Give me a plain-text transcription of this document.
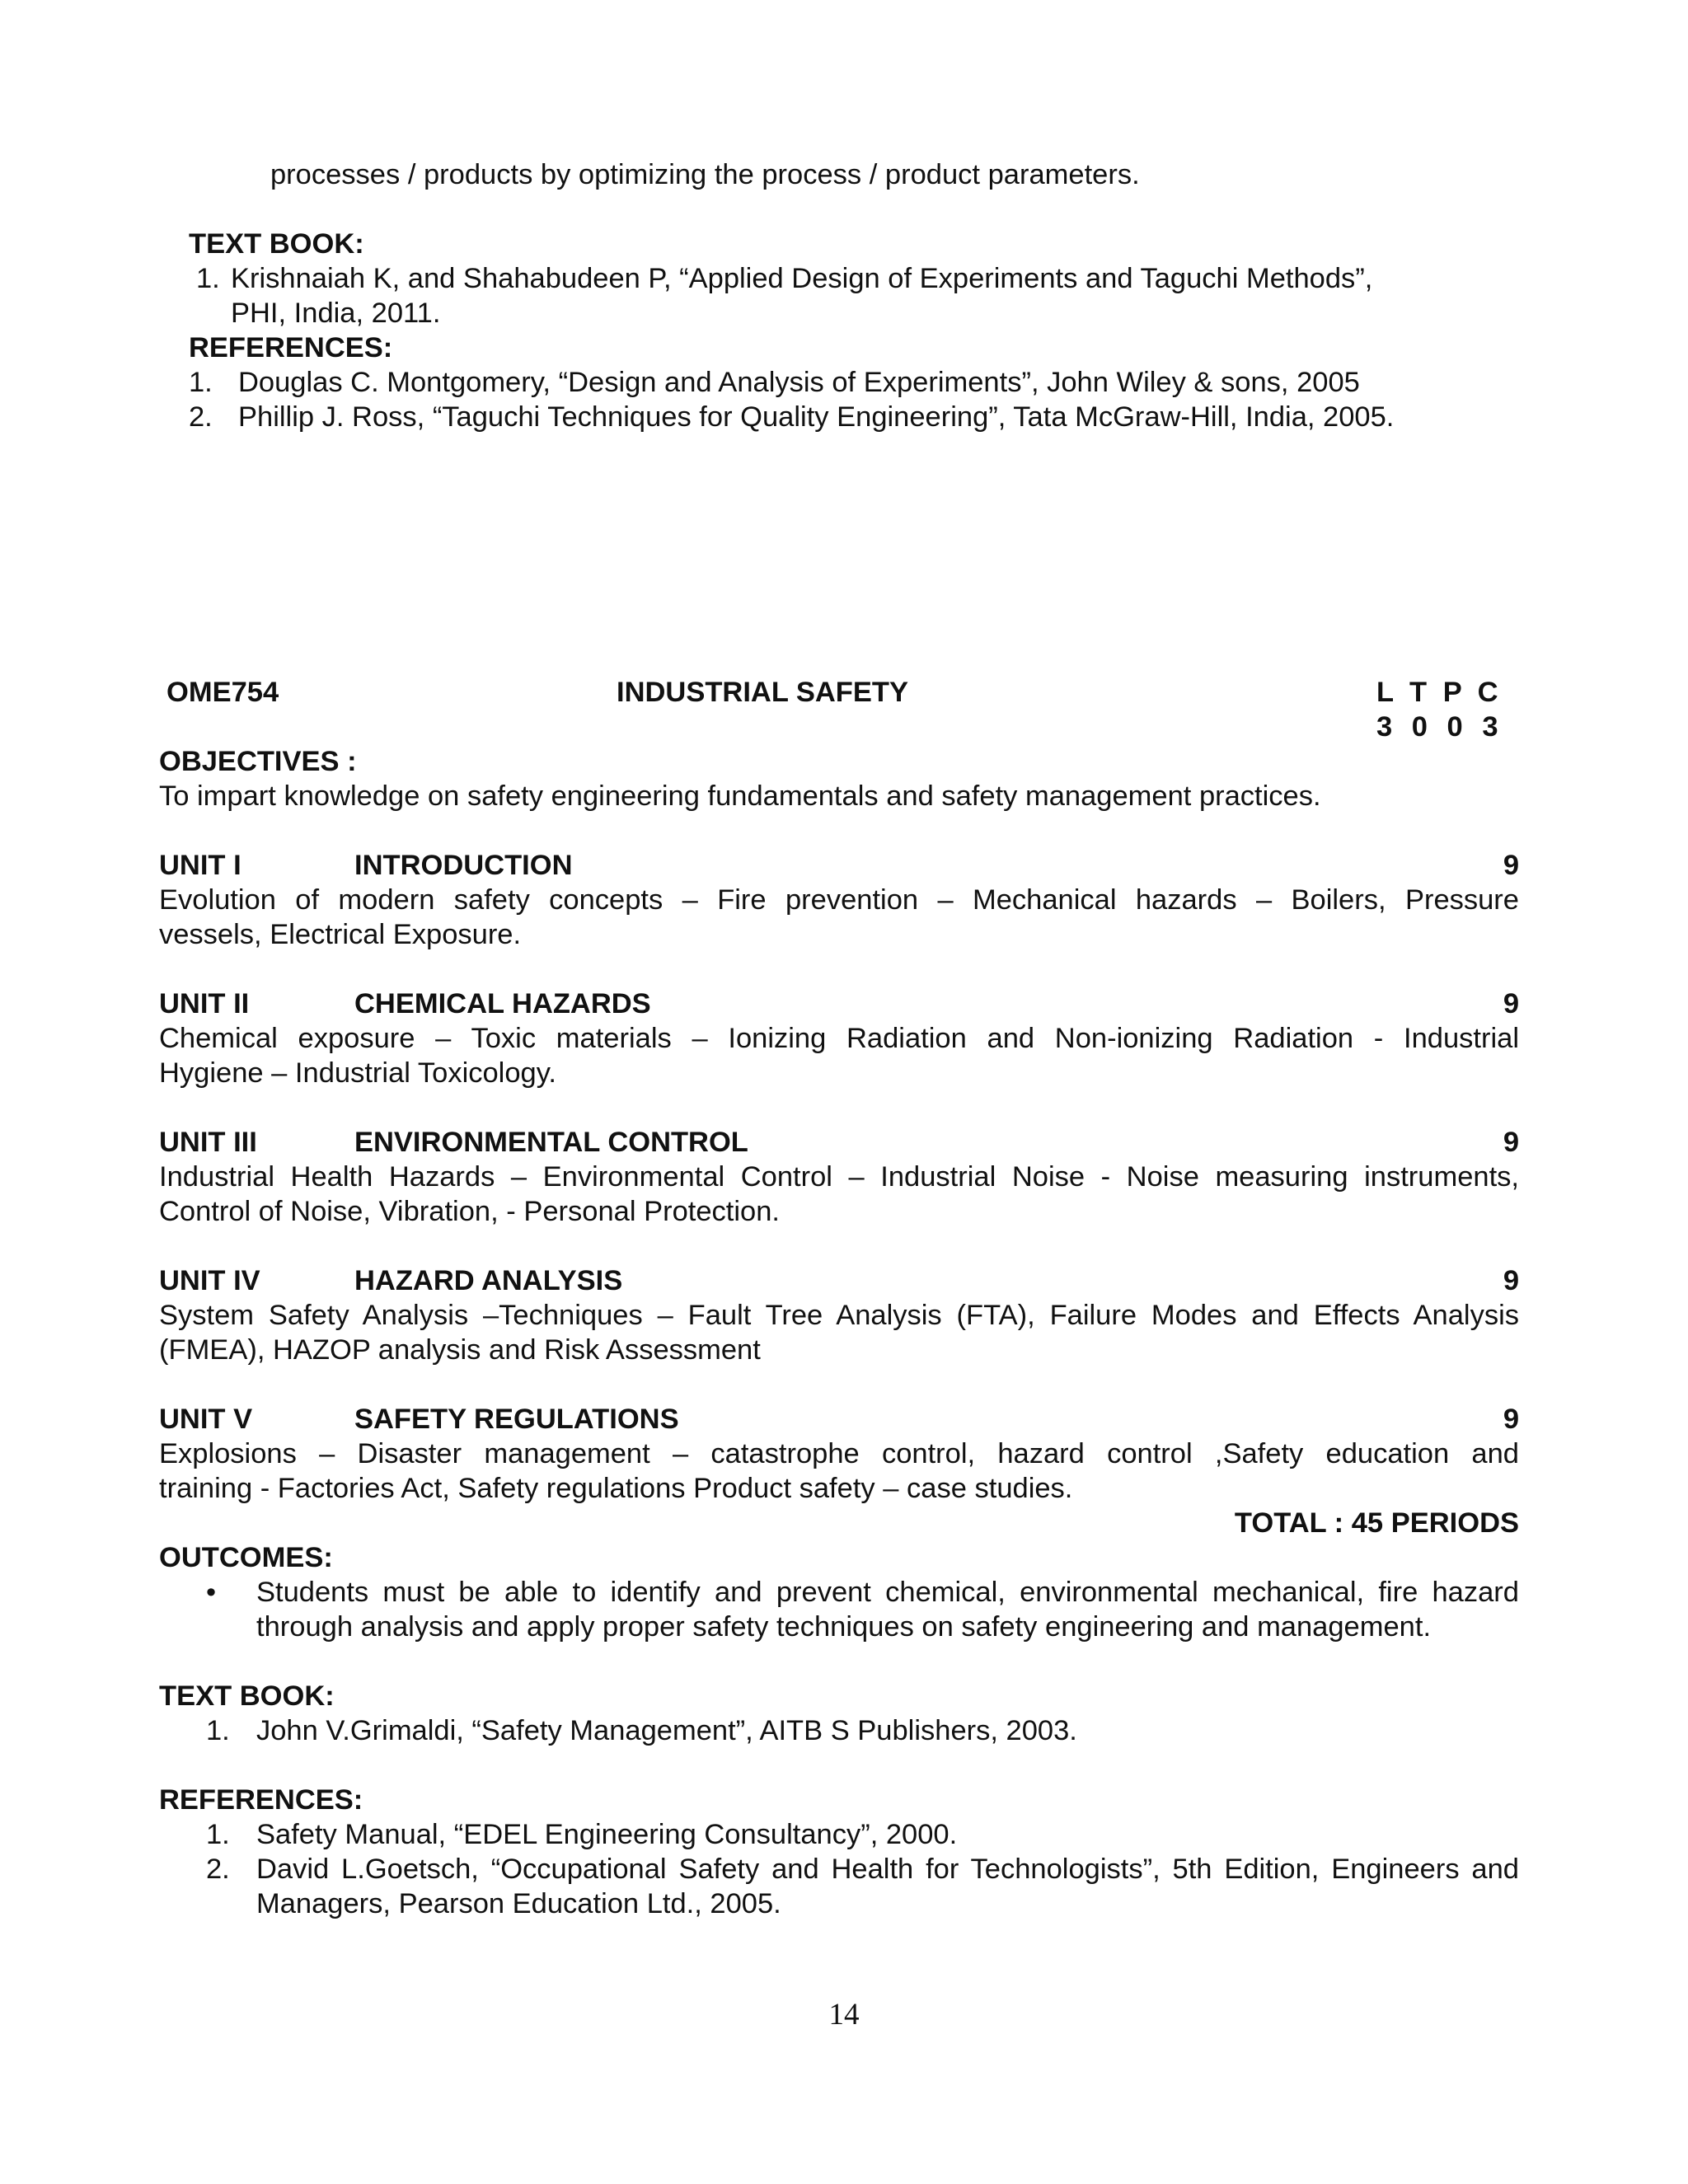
processes / products by optimizing the process / product parameters.
TEXT BOOK:
1. Krishnaiah K, and Shahabudeen P, “Applied Design of Experiments and Taguchi Methods”,
PHI, India, 2011.
REFERENCES:
1. Douglas C. Montgomery, “Design and Analysis of Experiments”, John Wiley & sons, 2005
2. Phillip J. Ross, “Taguchi Techniques for Quality Engineering”, Tata McGraw-Hill, India, 2005.
OME754	INDUSTRIAL SAFETY	L T P C
3 0 0 3
OBJECTIVES :
To impart knowledge on safety engineering fundamentals and safety management practices.
UNIT I	INTRODUCTION	9
Evolution of modern safety concepts – Fire prevention – Mechanical hazards – Boilers, Pressure
vessels, Electrical Exposure.
UNIT II	CHEMICAL HAZARDS	9
Chemical exposure – Toxic materials – Ionizing Radiation and Non-ionizing Radiation - Industrial
Hygiene – Industrial Toxicology.
UNIT III	ENVIRONMENTAL CONTROL	9
Industrial Health Hazards – Environmental Control – Industrial Noise - Noise measuring instruments,
Control of Noise, Vibration, - Personal Protection.
UNIT IV	HAZARD ANALYSIS	9
System Safety Analysis –Techniques – Fault Tree Analysis (FTA), Failure Modes and Effects Analysis
(FMEA), HAZOP analysis and Risk Assessment
UNIT V	SAFETY REGULATIONS	9
Explosions – Disaster management – catastrophe control, hazard control ,Safety education and
training - Factories Act, Safety regulations Product safety – case studies.
TOTAL : 45 PERIODS
OUTCOMES:
• Students must be able to identify and prevent chemical, environmental mechanical, fire hazard through analysis and apply proper safety techniques on safety engineering and management.
TEXT BOOK:
1. John V.Grimaldi, “Safety Management”, AITB S Publishers, 2003.
REFERENCES:
1. Safety Manual, “EDEL Engineering Consultancy”, 2000.
2. David L.Goetsch, “Occupational Safety and Health for Technologists”, 5th Edition, Engineers and Managers, Pearson Education Ltd., 2005.
14
